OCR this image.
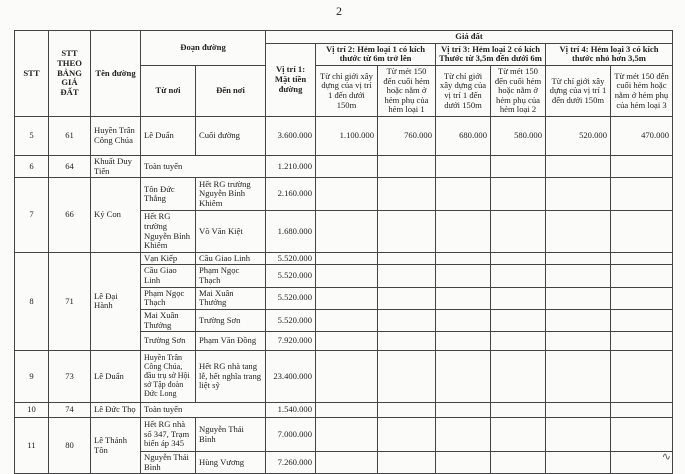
2
STT	STT THEO BẢNG GIÁ ĐẤT	Tên đường	Đoạn đường		Giá đất						
					Vị trí 1: Mặt tiền đường	Vị trí 2: Hẻm loại 1 có kích thước từ 6m trở lên		Vị trí 3: Hẻm loại 2 có kích Thước từ 3,5m đến dưới 6m		Vị trí 4: Hẻm loại 3 có kích thước nhỏ hơn 3,5m	
			Từ nơi	Đến nơi		Từ chỉ giới xây dựng của vị trí 1 đến dưới 150m	Từ mét 150 đến cuối hẻm hoặc nằm ở hẻm phụ của hẻm loại 1	Từ chỉ giới xây dựng của vị trí 1 đến dưới 150m	Từ mét 150 đến cuối hẻm hoặc nằm ở hẻm phụ của hẻm loại 2	Từ chỉ giới xây dựng của vị trí 1 đến dưới 150m	Từ mét 150 đến cuối hẻm hoặc nằm ở hẻm phụ của hẻm loại 3
5	61	Huyền Trân Công Chúa	Lê Duẩn	Cuối đường	3.600.000	1.100.000	760.000	680.000	580.000	520.000	470.000
6	64	Khuất Duy Tiến	Toàn tuyến		1.210.000						
7	66	Ký Con	Tôn Đức Thắng	Hết RG trường Nguyễn Bỉnh Khiêm	2.160.000						
			Hết RG trường Nguyễn Bỉnh Khiêm	Võ Văn Kiệt	1.680.000						
8	71	Lê Đại Hành	Vạn Kiếp	Cầu Giao Linh	5.520.000						
			Cầu Giao Linh	Phạm Ngọc Thạch	5.520.000						
			Phạm Ngọc Thạch	Mai Xuân Thưởng	5.520.000						
			Mai Xuân Thưởng	Trường Sơn	5.520.000						
			Trường Sơn	Phạm Văn Đồng	7.920.000						
9	73	Lê Duẩn	Huyền Trân Công Chúa, đầu trụ sở Hội sở Tập đoàn Đức Long	Hết RG nhà tang lễ, hết nghĩa trang liệt sỹ	23.400.000						
10	74	Lê Đức Thọ	Toàn tuyến		1.540.000						
11	80	Lê Thánh Tôn	Hết RG nhà số 347, Trạm biến áp 345	Nguyễn Thái Bình	7.000.000						
			Nguyễn Thái Bình	Hùng Vương	7.260.000							∿
